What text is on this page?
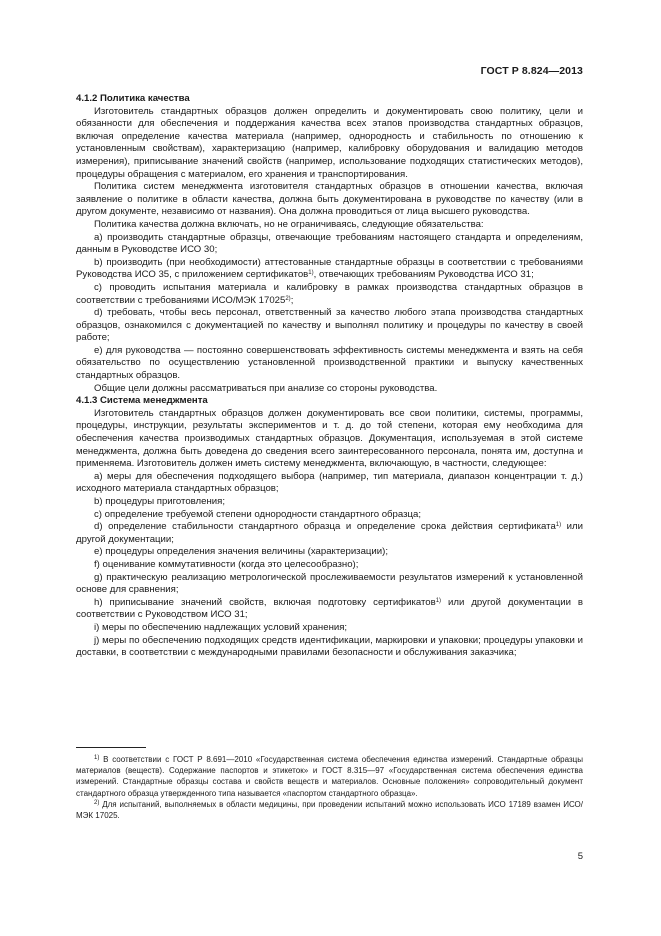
ГОСТ Р 8.824—2013

4.1.2 Политика качества

Изготовитель стандартных образцов должен определить и документировать свою политику, цели и обязанности для обеспечения и поддержания качества всех этапов производства стандартных образцов, включая определение качества материала (например, однородность и стабильность по отношению к установленным свойствам), характеризацию (например, калибровку оборудования и валидацию методов измерения), приписывание значений свойств (например, использование подходящих статистических методов), процедуры обращения с материалом, его хранения и транспортирования.

Политика систем менеджмента изготовителя стандартных образцов в отношении качества, включая заявление о политике в области качества, должна быть документирована в руководстве по качеству (или в другом документе, независимо от названия). Она должна проводиться от лица высшего руководства.

Политика качества должна включать, но не ограничиваясь, следующие обязательства:

а) производить стандартные образцы, отвечающие требованиям настоящего стандарта и определениям, данным в Руководстве ИСО 30;

b) производить (при необходимости) аттестованные стандартные образцы в соответствии с требованиями Руководства ИСО 35, с приложением сертификатов$^{1)}$, отвечающих требованиям Руководства ИСО 31;

с) проводить испытания материала и калибровку в рамках производства стандартных образцов в соответствии с требованиями ИСО/МЭК 17025$^{2)}$;

d) требовать, чтобы весь персонал, ответственный за качество любого этапа производства стандартных образцов, ознакомился с документацией по качеству и выполнял политику и процедуры по качеству в своей работе;

е) для руководства — постоянно совершенствовать эффективность системы менеджмента и взять на себя обязательство по осуществлению установленной производственной практики и выпуску качественных стандартных образцов.

Общие цели должны рассматриваться при анализе со стороны руководства.

4.1.3 Система менеджмента

Изготовитель стандартных образцов должен документировать все свои политики, системы, программы, процедуры, инструкции, результаты экспериментов и т. д. до той степени, которая ему необходима для обеспечения качества производимых стандартных образцов. Документация, используемая в этой системе менеджмента, должна быть доведена до сведения всего заинтересованного персонала, понята им, доступна и применяема. Изготовитель должен иметь систему менеджмента, включающую, в частности, следующее:

а) меры для обеспечения подходящего выбора (например, тип материала, диапазон концентрации т. д.) исходного материала стандартных образцов;

b) процедуры приготовления;

с) определение требуемой степени однородности стандартного образца;

d) определение стабильности стандартного образца и определение срока действия сертификата$^{1)}$ или другой документации;

е) процедуры определения значения величины (характеризации);

f) оценивание коммутативности (когда это целесообразно);

g) практическую реализацию метрологической прослеживаемости результатов измерений к установленной основе для сравнения;

h) приписывание значений свойств, включая подготовку сертификатов$^{1)}$ или другой документации в соответствии с Руководством ИСО 31;

i) меры по обеспечению надлежащих условий хранения;

j) меры по обеспечению подходящих средств идентификации, маркировки и упаковки; процедуры упаковки и доставки, в соответствии с международными правилами безопасности и обслуживания заказчика;

$^{1)}$ В соответствии с ГОСТ Р 8.691—2010 «Государственная система обеспечения единства измерений. Стандартные образцы материалов (веществ). Содержание паспортов и этикеток» и ГОСТ 8.315—97 «Государственная система обеспечения единства измерений. Стандартные образцы состава и свойств веществ и материалов. Основные положения» сопроводительный документ стандартного образца утвержденного типа называется «паспортом стандартного образца».

$^{2)}$ Для испытаний, выполняемых в области медицины, при проведении испытаний можно использовать ИСО 17189 взамен ИСО/МЭК 17025.

5
